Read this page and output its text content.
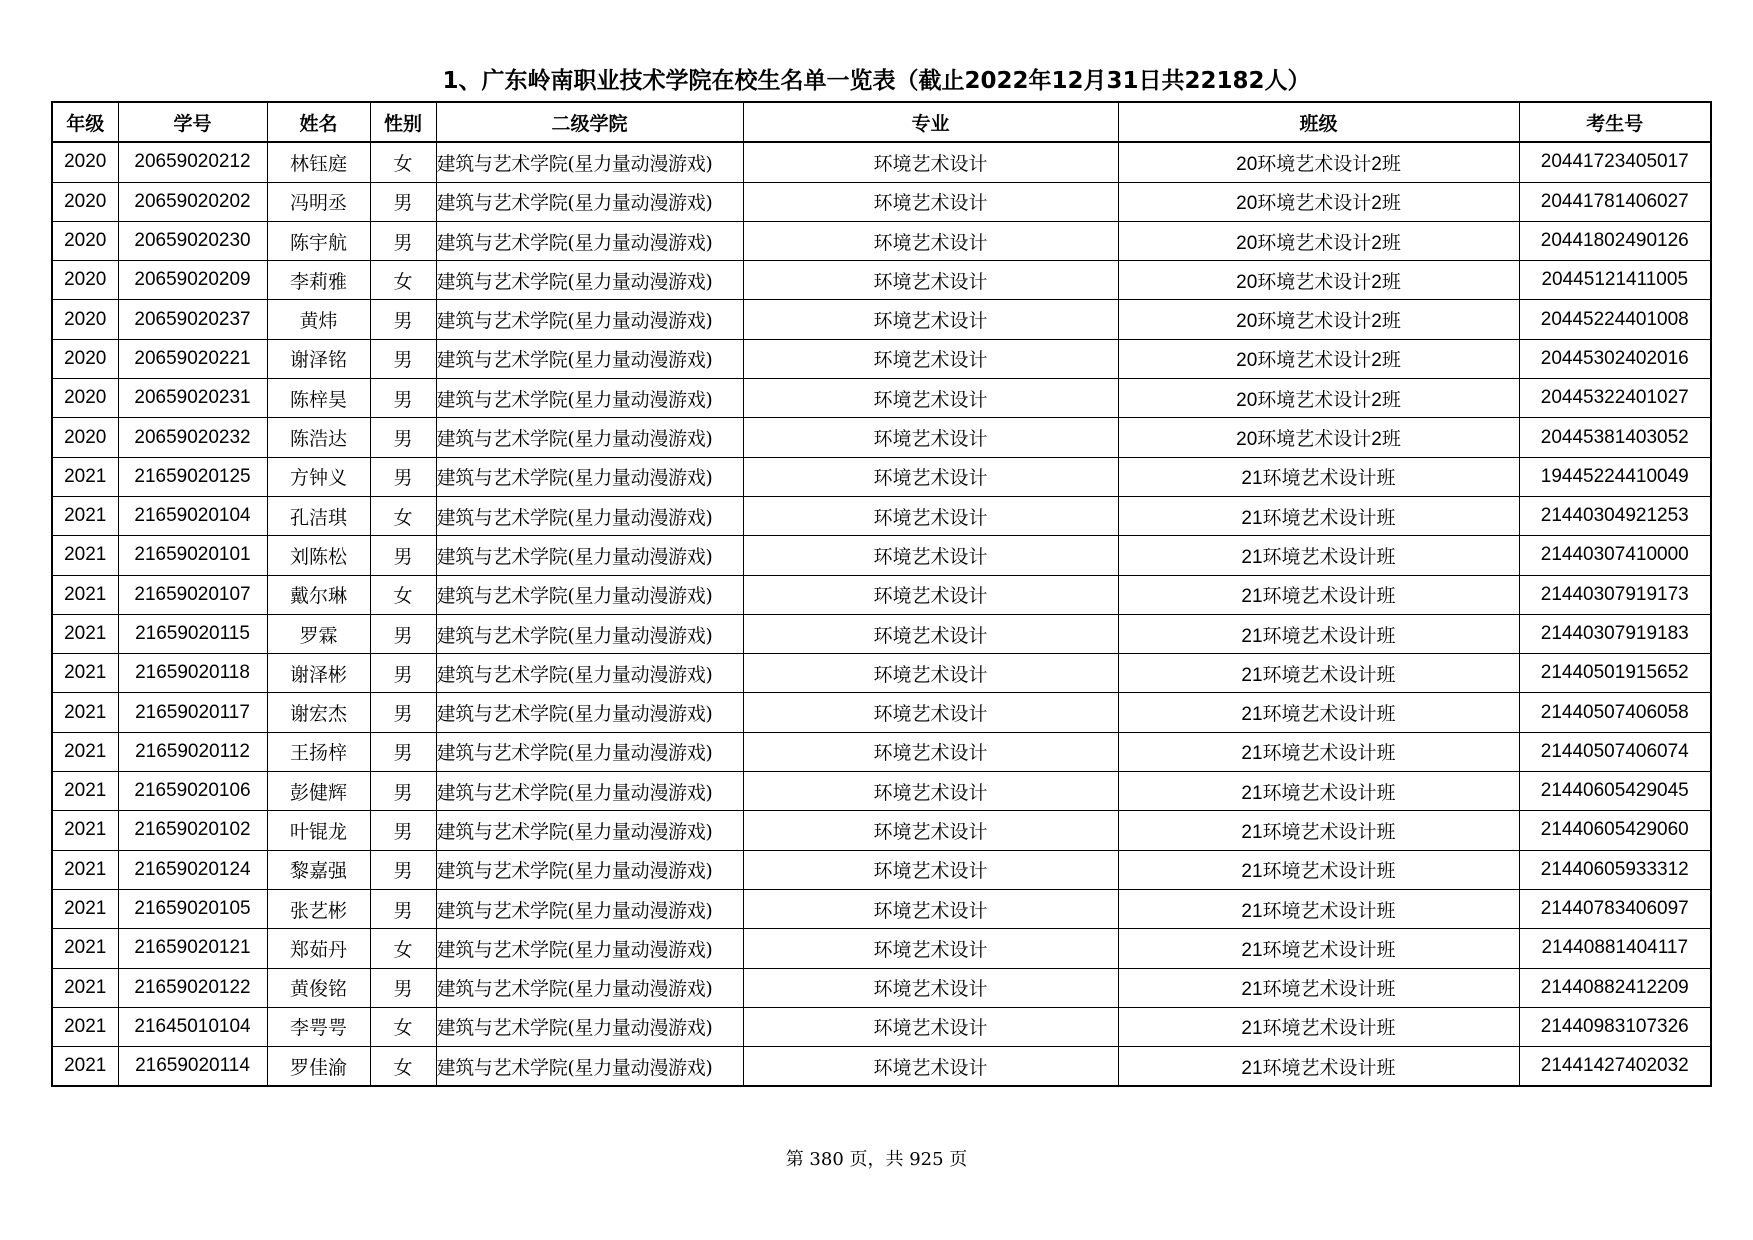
1、广东岭南职业技术学院在校生名单一览表（截止2022年12月31日共22182人）
年级	学号	姓名	性别	二级学院	专业	班级	考生号
2020	20659020212	林钰庭	女	建筑与艺术学院(星力量动漫游戏)	环境艺术设计	20环境艺术设计2班	20441723405017
2020	20659020202	冯明丞	男	建筑与艺术学院(星力量动漫游戏)	环境艺术设计	20环境艺术设计2班	20441781406027
2020	20659020230	陈宇航	男	建筑与艺术学院(星力量动漫游戏)	环境艺术设计	20环境艺术设计2班	20441802490126
2020	20659020209	李莉雅	女	建筑与艺术学院(星力量动漫游戏)	环境艺术设计	20环境艺术设计2班	20445121411005
2020	20659020237	黄炜	男	建筑与艺术学院(星力量动漫游戏)	环境艺术设计	20环境艺术设计2班	20445224401008
2020	20659020221	谢泽铭	男	建筑与艺术学院(星力量动漫游戏)	环境艺术设计	20环境艺术设计2班	20445302402016
2020	20659020231	陈梓昊	男	建筑与艺术学院(星力量动漫游戏)	环境艺术设计	20环境艺术设计2班	20445322401027
2020	20659020232	陈浩达	男	建筑与艺术学院(星力量动漫游戏)	环境艺术设计	20环境艺术设计2班	20445381403052
2021	21659020125	方钟义	男	建筑与艺术学院(星力量动漫游戏)	环境艺术设计	21环境艺术设计班	19445224410049
2021	21659020104	孔洁琪	女	建筑与艺术学院(星力量动漫游戏)	环境艺术设计	21环境艺术设计班	21440304921253
2021	21659020101	刘陈松	男	建筑与艺术学院(星力量动漫游戏)	环境艺术设计	21环境艺术设计班	21440307410000
2021	21659020107	戴尔琳	女	建筑与艺术学院(星力量动漫游戏)	环境艺术设计	21环境艺术设计班	21440307919173
2021	21659020115	罗霖	男	建筑与艺术学院(星力量动漫游戏)	环境艺术设计	21环境艺术设计班	21440307919183
2021	21659020118	谢泽彬	男	建筑与艺术学院(星力量动漫游戏)	环境艺术设计	21环境艺术设计班	21440501915652
2021	21659020117	谢宏杰	男	建筑与艺术学院(星力量动漫游戏)	环境艺术设计	21环境艺术设计班	21440507406058
2021	21659020112	王扬梓	男	建筑与艺术学院(星力量动漫游戏)	环境艺术设计	21环境艺术设计班	21440507406074
2021	21659020106	彭健辉	男	建筑与艺术学院(星力量动漫游戏)	环境艺术设计	21环境艺术设计班	21440605429045
2021	21659020102	叶锟龙	男	建筑与艺术学院(星力量动漫游戏)	环境艺术设计	21环境艺术设计班	21440605429060
2021	21659020124	黎嘉强	男	建筑与艺术学院(星力量动漫游戏)	环境艺术设计	21环境艺术设计班	21440605933312
2021	21659020105	张艺彬	男	建筑与艺术学院(星力量动漫游戏)	环境艺术设计	21环境艺术设计班	21440783406097
2021	21659020121	郑茹丹	女	建筑与艺术学院(星力量动漫游戏)	环境艺术设计	21环境艺术设计班	21440881404117
2021	21659020122	黄俊铭	男	建筑与艺术学院(星力量动漫游戏)	环境艺术设计	21环境艺术设计班	21440882412209
2021	21645010104	李咢咢	女	建筑与艺术学院(星力量动漫游戏)	环境艺术设计	21环境艺术设计班	21440983107326
2021	21659020114	罗佳渝	女	建筑与艺术学院(星力量动漫游戏)	环境艺术设计	21环境艺术设计班	21441427402032
第 380 页，共 925 页
